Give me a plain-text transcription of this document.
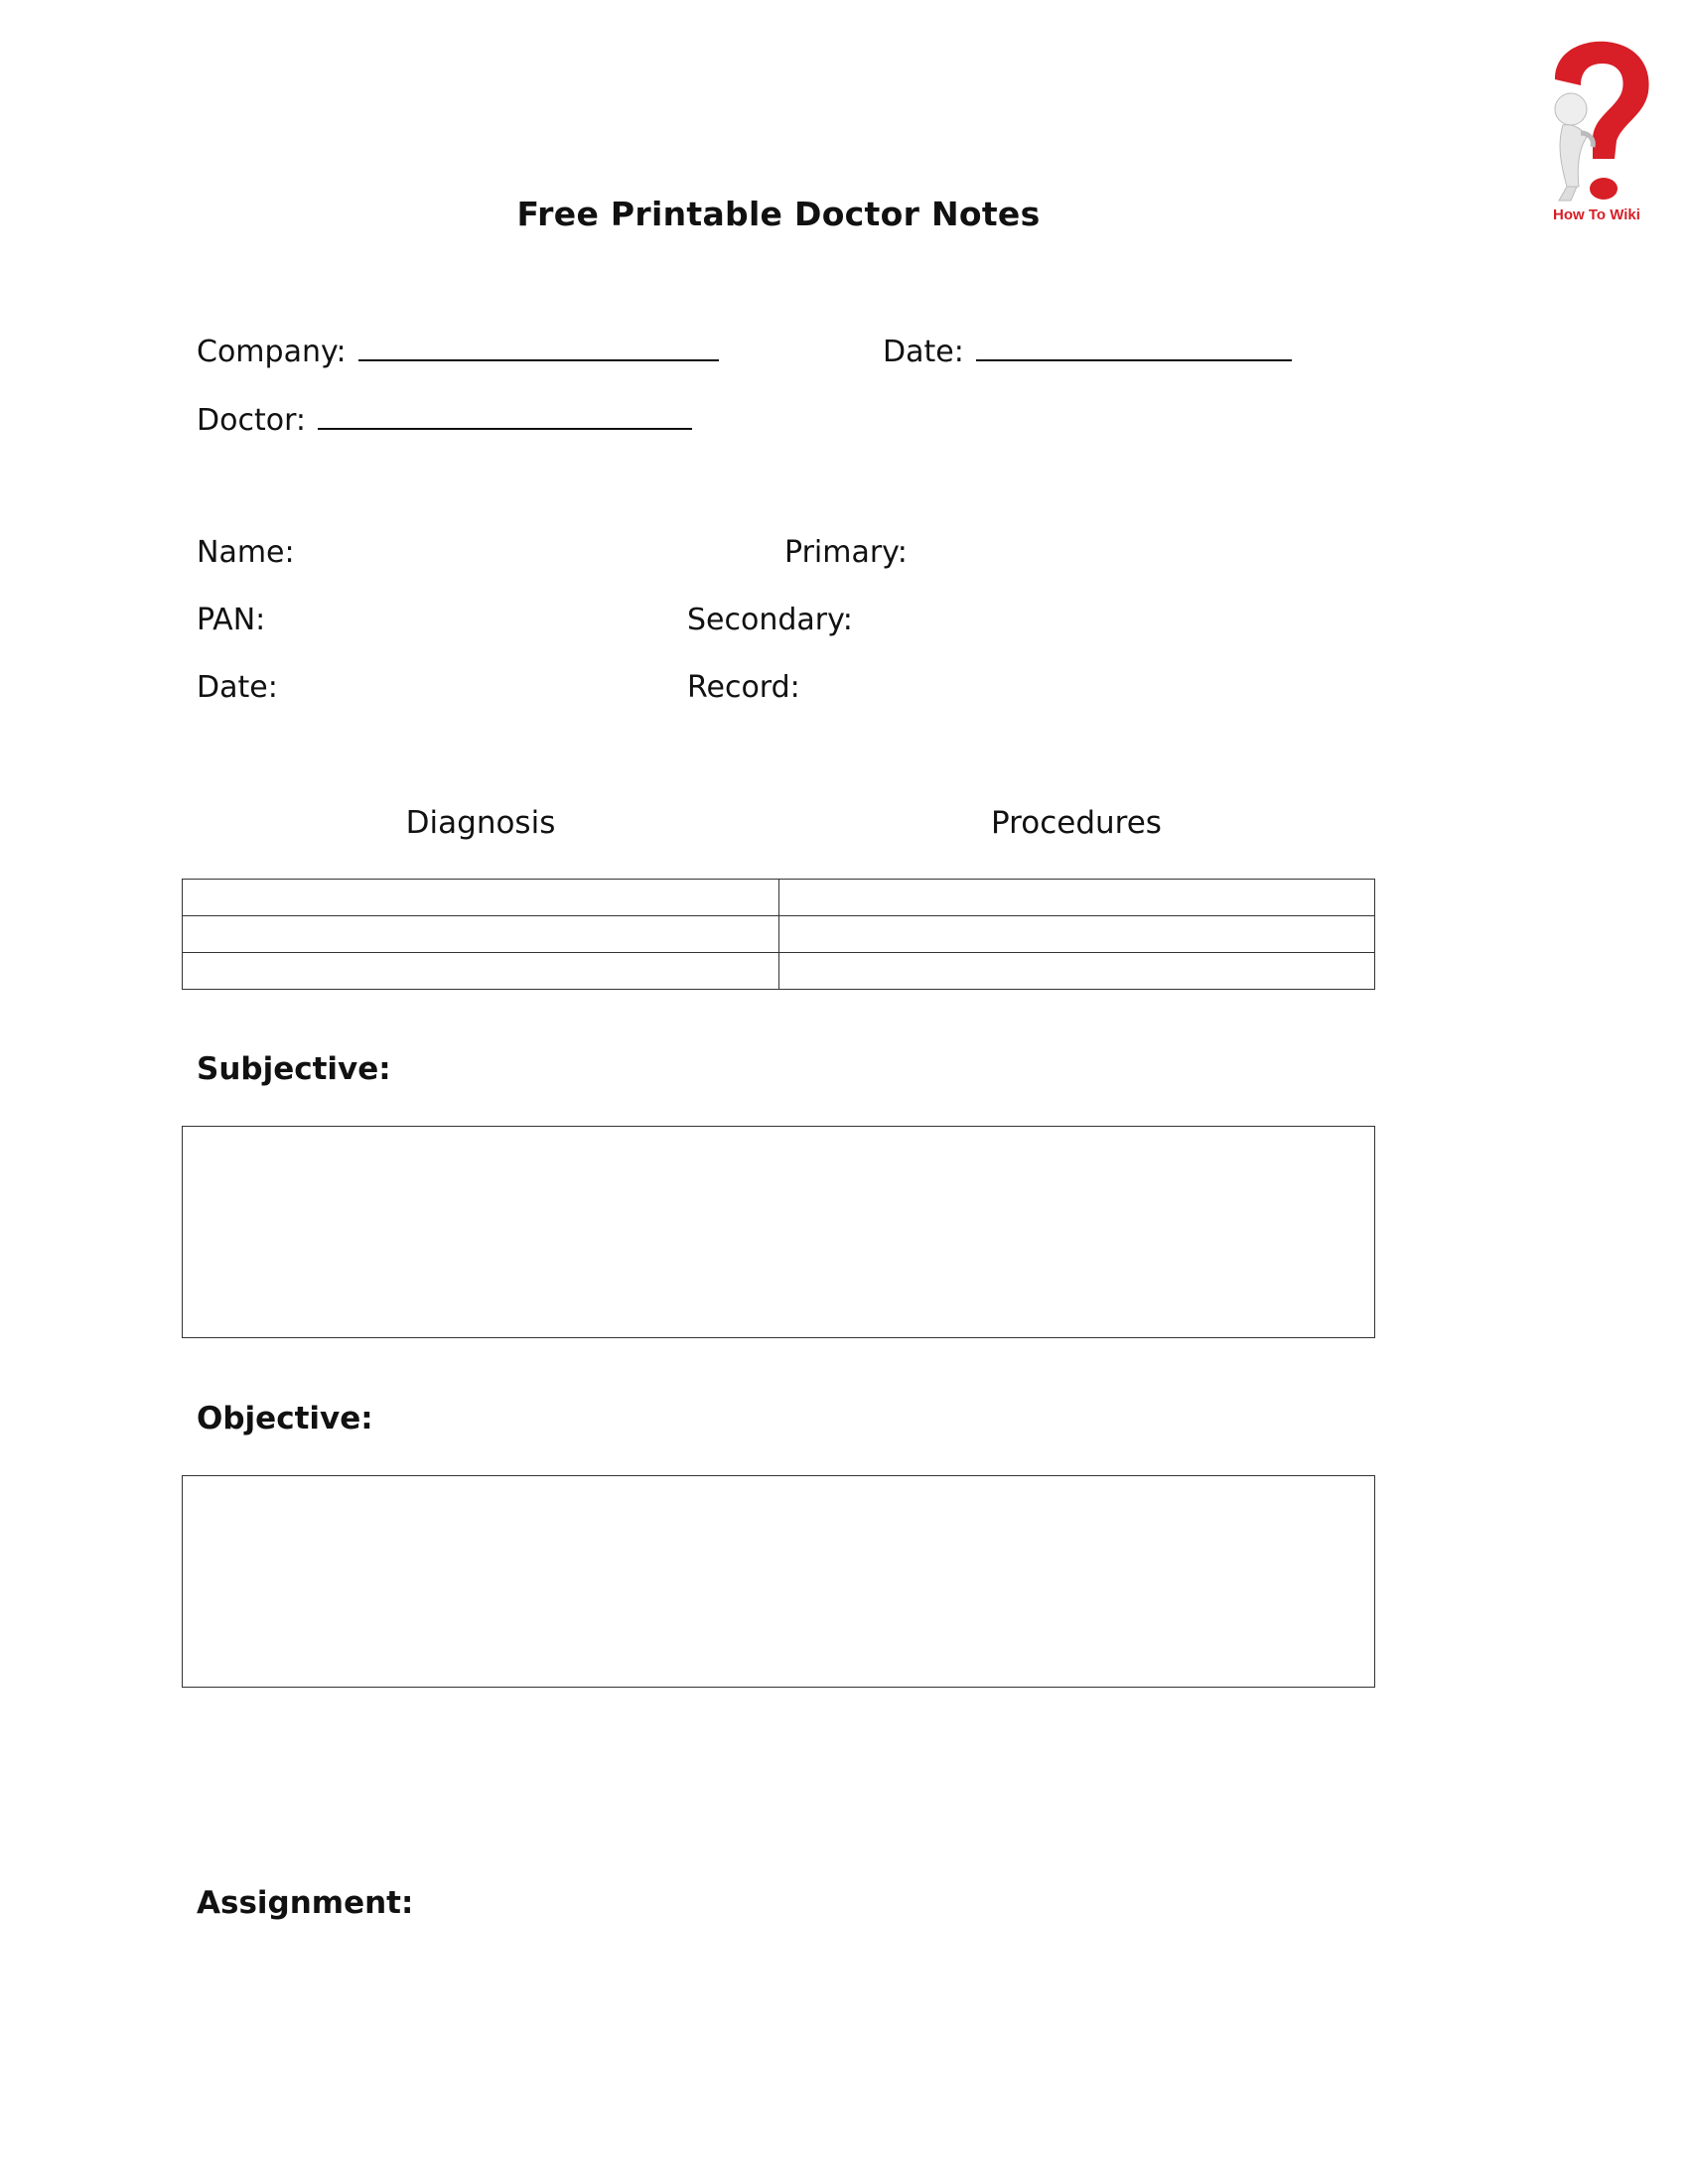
How To Wiki
Free Printable Doctor Notes
Company:	Date:
Doctor:
Name:	Primary:
PAN:	Secondary:
Date:	Record:
Diagnosis	Procedures

Subjective:
Objective:
Assignment:
